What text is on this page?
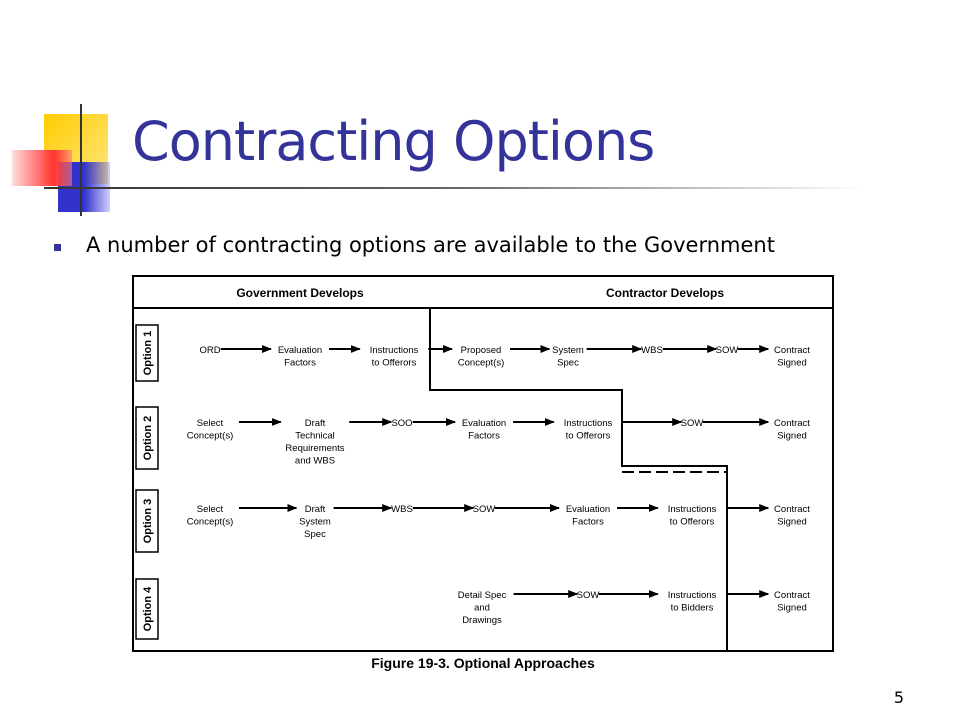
Contracting Options
A number of contracting options are available to the Government
Government Develops	Contractor Develops
Option 1	ORD	Evaluation Factors
Instructions to Offerors
Proposed Concept(s)
System Spec
WBS	SOW	Contract Signed
Option 2	Select Concept(s)
Draft Technical Requirements and WBS
SOO	Evaluation Factors
Instructions to Offerors
SOW	Contract Signed
Option 3	Select Concept(s)
Draft System Spec
WBS	SOW	Evaluation Factors
Instructions to Offerors
Contract Signed
Option 4	Detail Spec and Drawings
SOW	Instructions to Bidders
Contract Signed
Figure 19-3. Optional Approaches
5
